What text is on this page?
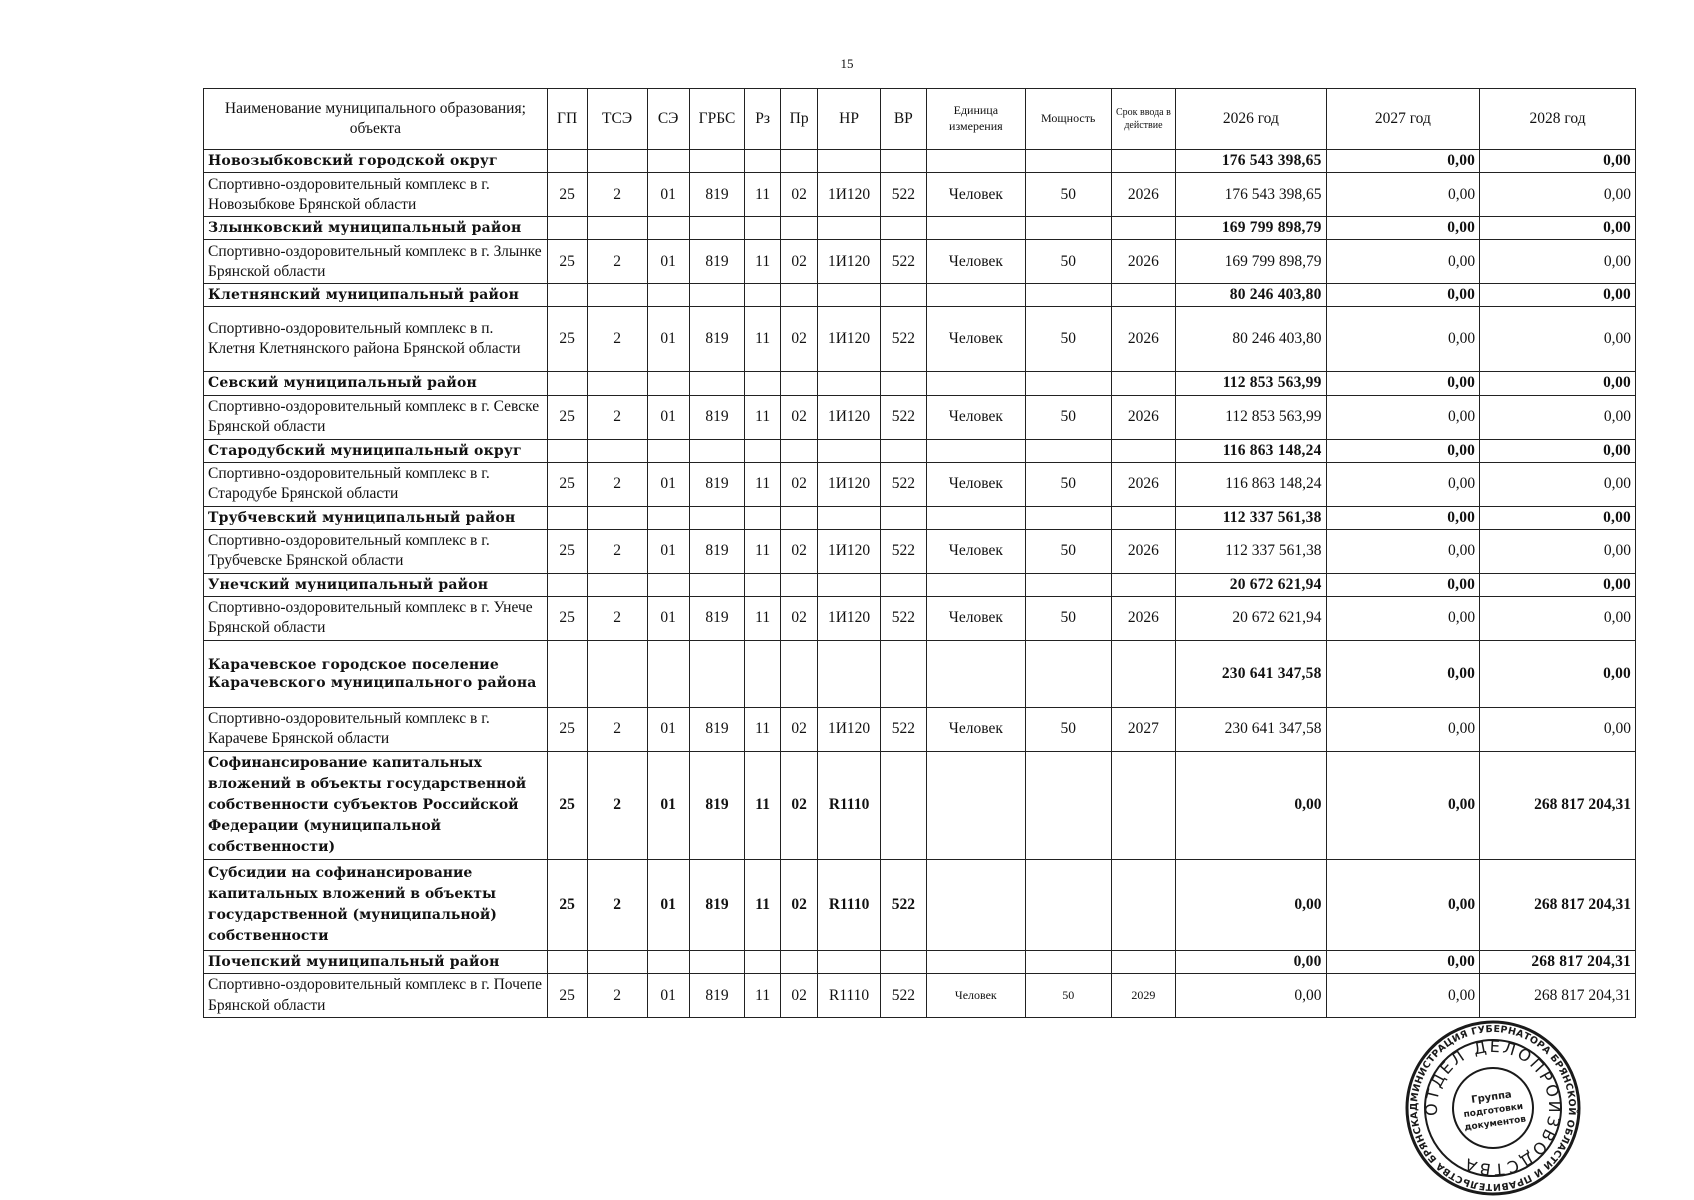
15
Наименование муниципального образования; объекта	ГП	ТСЭ	СЭ	ГРБС	Рз	Пр	НР	ВР	Единица измерения	Мощность	Срок ввода в действие	2026 год	2027 год	2028 год
Новозыбковский городской округ												176 543 398,65	0,00	0,00
Спортивно-оздоровительный комплекс в г. Новозыбкове Брянской области	25	2	01	819	11	02	1И120	522	Человек	50	2026	176 543 398,65	0,00	0,00
Злынковский муниципальный район												169 799 898,79	0,00	0,00
Спортивно-оздоровительный комплекс в г. Злынке Брянской области	25	2	01	819	11	02	1И120	522	Человек	50	2026	169 799 898,79	0,00	0,00
Клетнянский муниципальный район												80 246 403,80	0,00	0,00
Спортивно-оздоровительный комплекс в п. Клетня Клетнянского района Брянской области	25	2	01	819	11	02	1И120	522	Человек	50	2026	80 246 403,80	0,00	0,00
Севский муниципальный район												112 853 563,99	0,00	0,00
Спортивно-оздоровительный комплекс в г. Севске Брянской области	25	2	01	819	11	02	1И120	522	Человек	50	2026	112 853 563,99	0,00	0,00
Стародубский муниципальный округ												116 863 148,24	0,00	0,00
Спортивно-оздоровительный комплекс в г. Стародубе Брянской области	25	2	01	819	11	02	1И120	522	Человек	50	2026	116 863 148,24	0,00	0,00
Трубчевский муниципальный район												112 337 561,38	0,00	0,00
Спортивно-оздоровительный комплекс в г. Трубчевске Брянской области	25	2	01	819	11	02	1И120	522	Человек	50	2026	112 337 561,38	0,00	0,00
Унечский муниципальный район												20 672 621,94	0,00	0,00
Спортивно-оздоровительный комплекс в г. Унече Брянской области	25	2	01	819	11	02	1И120	522	Человек	50	2026	20 672 621,94	0,00	0,00
Карачевское городское поселение Карачевского муниципального района												230 641 347,58	0,00	0,00
Спортивно-оздоровительный комплекс в г. Карачеве Брянской области	25	2	01	819	11	02	1И120	522	Человек	50	2027	230 641 347,58	0,00	0,00
Софинансирование капитальных вложений в объекты государственной собственности субъектов Российской Федерации (муниципальной собственности)	25	2	01	819	11	02	R1110					0,00	0,00	268 817 204,31
Субсидии на софинансирование капитальных вложений в объекты государственной (муниципальной) собственности	25	2	01	819	11	02	R1110	522				0,00	0,00	268 817 204,31
Почепский муниципальный район												0,00	0,00	268 817 204,31
Спортивно-оздоровительный комплекс в г. Почепе Брянской области	25	2	01	819	11	02	R1110	522	Человек	50	2029	0,00	0,00	268 817 204,31
АДМИНИСТРАЦИЯ ГУБЕРНАТОРА БРЯНСКОЙ ОБЛАСТИ И ПРАВИТЕЛЬСТВА БРЯНСКОЙ
ОТДЕЛ ДЕЛОПРОИЗВОДСТВА
Группа
подготовки
документов
